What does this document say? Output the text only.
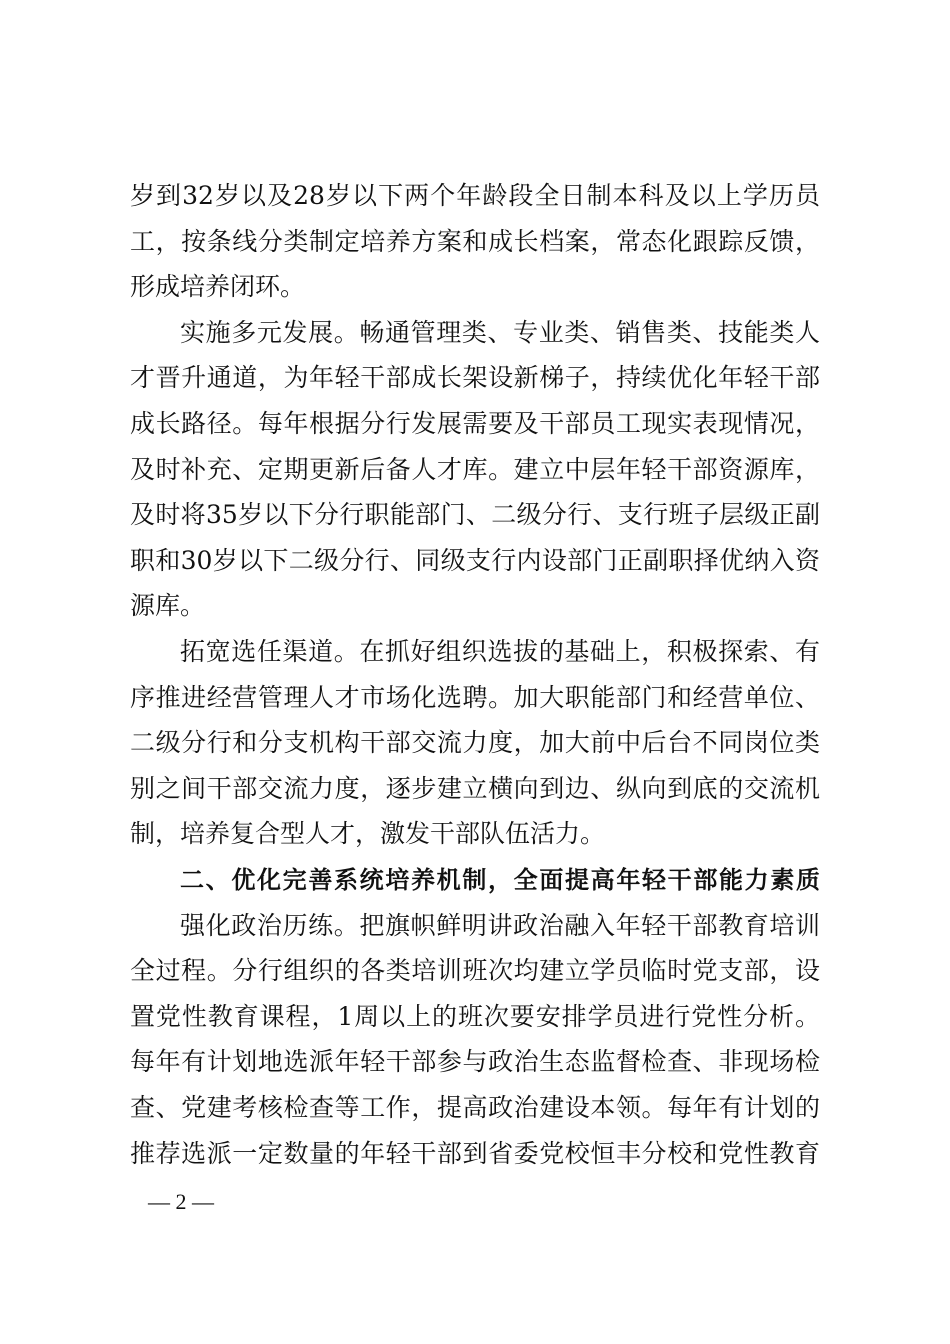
岁到32岁以及28岁以下两个年龄段全日制本科及以上学历员
工，按条线分类制定培养方案和成长档案，常态化跟踪反馈，
形成培养闭环。
实施多元发展。畅通管理类、专业类、销售类、技能类人
才晋升通道，为年轻干部成长架设新梯子，持续优化年轻干部
成长路径。每年根据分行发展需要及干部员工现实表现情况，
及时补充、定期更新后备人才库。建立中层年轻干部资源库，
及时将35岁以下分行职能部门、二级分行、支行班子层级正副
职和30岁以下二级分行、同级支行内设部门正副职择优纳入资
源库。
拓宽选任渠道。在抓好组织选拔的基础上，积极探索、有
序推进经营管理人才市场化选聘。加大职能部门和经营单位、
二级分行和分支机构干部交流力度，加大前中后台不同岗位类
别之间干部交流力度，逐步建立横向到边、纵向到底的交流机
制，培养复合型人才，激发干部队伍活力。
二、优化完善系统培养机制，全面提高年轻干部能力素质
强化政治历练。把旗帜鲜明讲政治融入年轻干部教育培训
全过程。分行组织的各类培训班次均建立学员临时党支部，设
置党性教育课程，1周以上的班次要安排学员进行党性分析。
每年有计划地选派年轻干部参与政治生态监督检查、非现场检
查、党建考核检查等工作，提高政治建设本领。每年有计划的
推荐选派一定数量的年轻干部到省委党校恒丰分校和党性教育
— 2 —
